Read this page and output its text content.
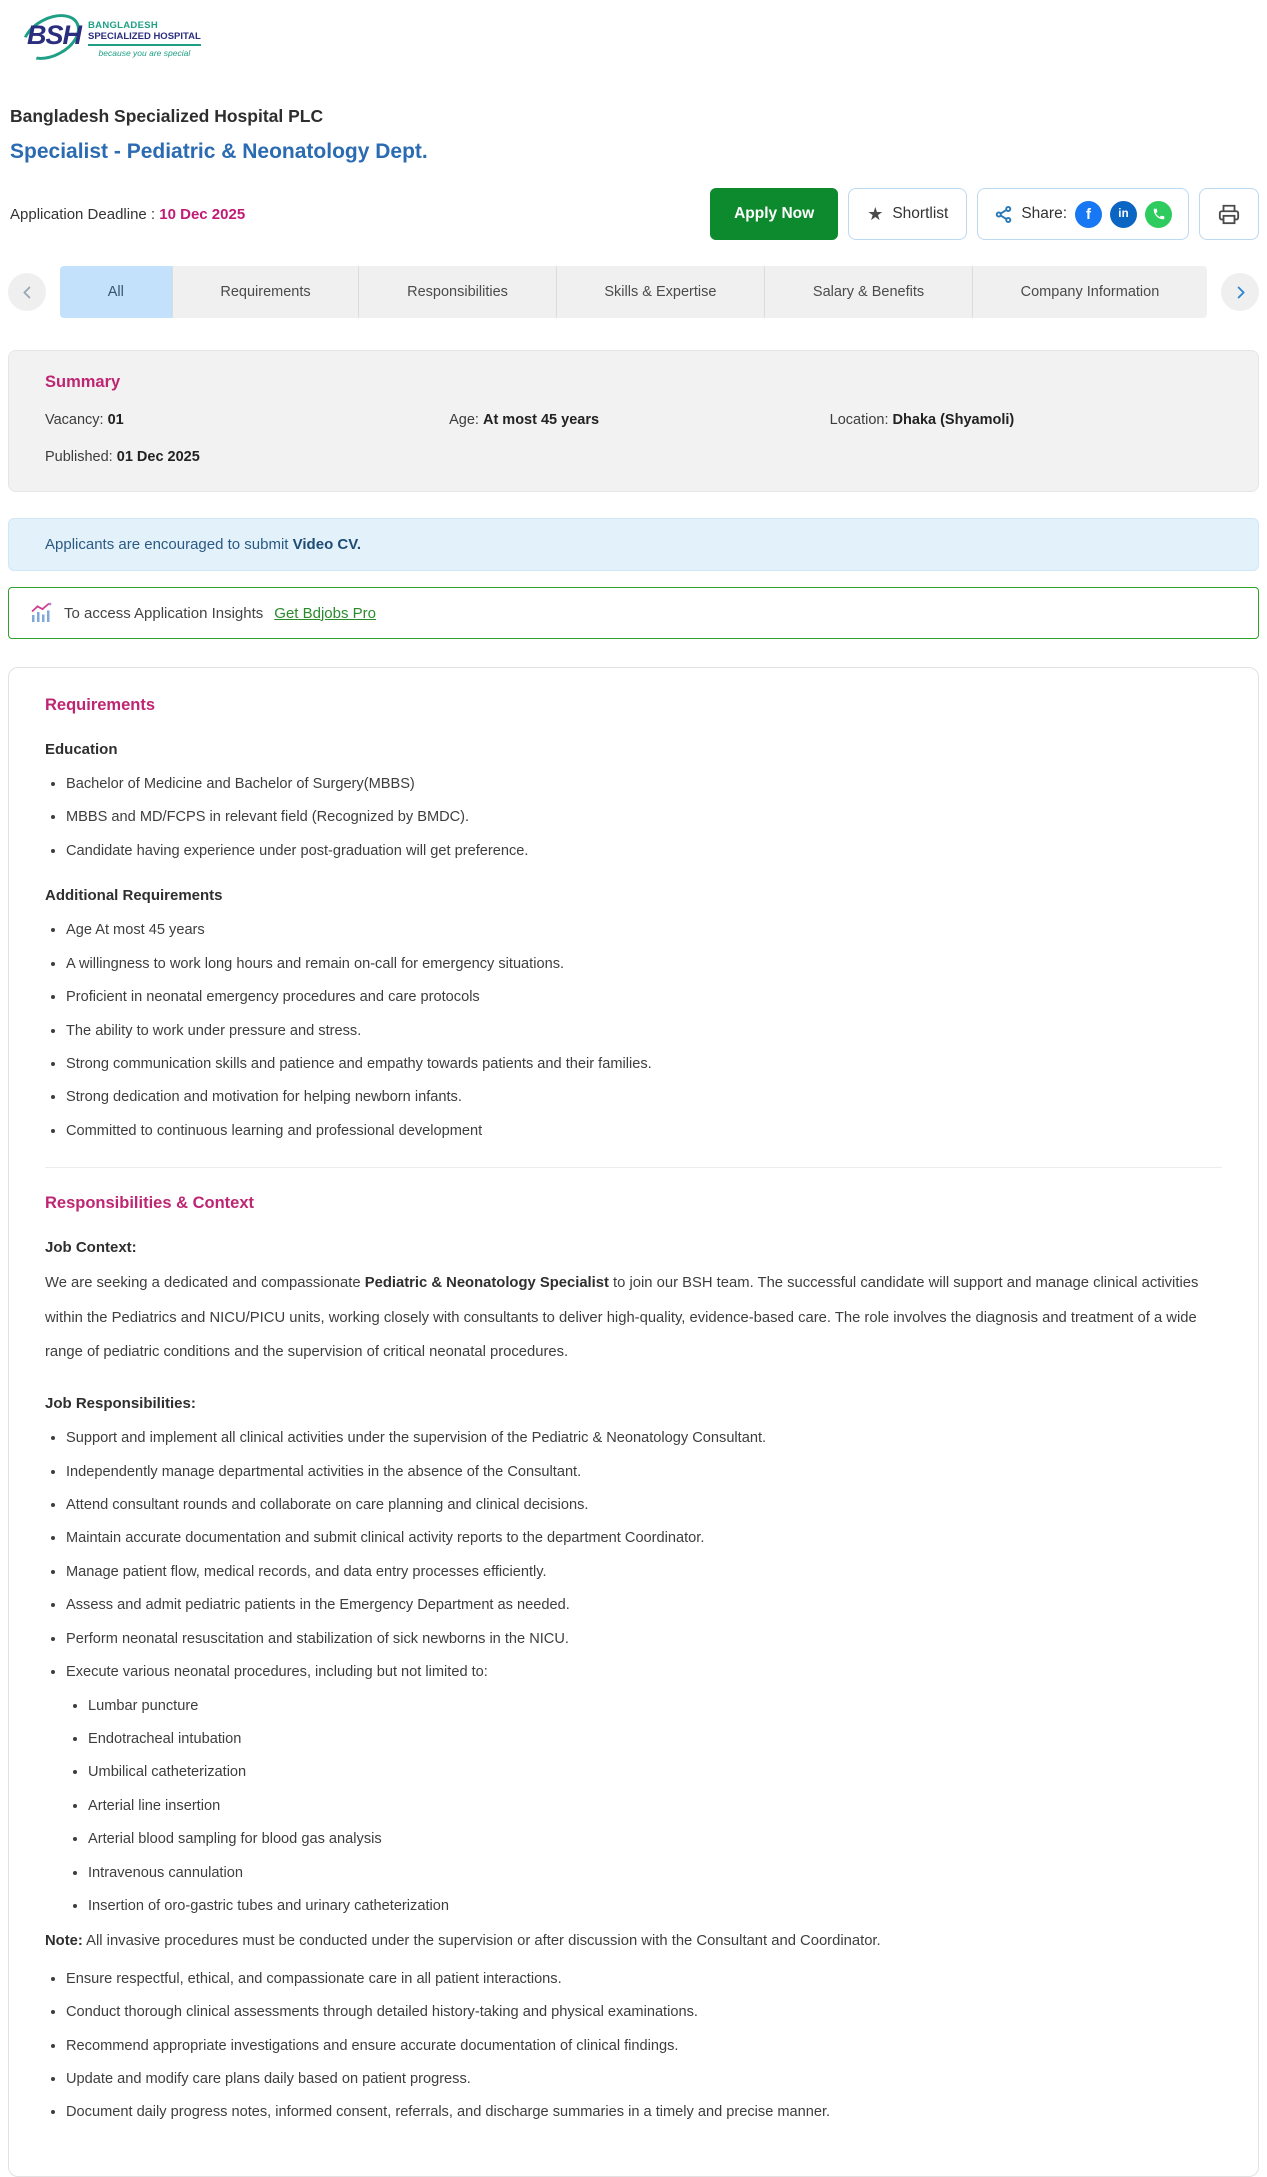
BSH BANGLADESH
SPECIALIZED HOSPITAL
because you are special
Bangladesh Specialized Hospital PLC
Specialist - Pediatric & Neonatology Dept.
Application Deadline : 10 Dec 2025	Apply Now	★ Shortlist	Share:	f	in
All	Requirements	Responsibilities	Skills & Expertise	Salary & Benefits	Company Information
Summary
Vacancy: 01	Age: At most 45 years	Location: Dhaka (Shyamoli)
Published: 01 Dec 2025
Applicants are encouraged to submit Video CV.
To access Application Insights Get Bdjobs Pro
Requirements
Education
• Bachelor of Medicine and Bachelor of Surgery(MBBS)
• MBBS and MD/FCPS in relevant field (Recognized by BMDC).
• Candidate having experience under post-graduation will get preference.
Additional Requirements
• Age At most 45 years
• A willingness to work long hours and remain on-call for emergency situations.
• Proficient in neonatal emergency procedures and care protocols
• The ability to work under pressure and stress.
• Strong communication skills and patience and empathy towards patients and their families.
• Strong dedication and motivation for helping newborn infants.
• Committed to continuous learning and professional development
Responsibilities & Context
Job Context:

We are seeking a dedicated and compassionate Pediatric & Neonatology Specialist to join our BSH team. The successful candidate will support and manage clinical activities within the Pediatrics and NICU/PICU units, working closely with consultants to deliver high-quality, evidence-based care. The role involves the diagnosis and treatment of a wide range of pediatric conditions and the supervision of critical neonatal procedures.

Job Responsibilities:
• Support and implement all clinical activities under the supervision of the Pediatric & Neonatology Consultant.
• Independently manage departmental activities in the absence of the Consultant.
• Attend consultant rounds and collaborate on care planning and clinical decisions.
• Maintain accurate documentation and submit clinical activity reports to the department Coordinator.
• Manage patient flow, medical records, and data entry processes efficiently.
• Assess and admit pediatric patients in the Emergency Department as needed.
• Perform neonatal resuscitation and stabilization of sick newborns in the NICU.
• Execute various neonatal procedures, including but not limited to:
• Lumbar puncture
• Endotracheal intubation
• Umbilical catheterization
• Arterial line insertion
• Arterial blood sampling for blood gas analysis
• Intravenous cannulation
• Insertion of oro-gastric tubes and urinary catheterization

Note: All invasive procedures must be conducted under the supervision or after discussion with the Consultant and Coordinator.

• Ensure respectful, ethical, and compassionate care in all patient interactions.
• Conduct thorough clinical assessments through detailed history-taking and physical examinations.
• Recommend appropriate investigations and ensure accurate documentation of clinical findings.
• Update and modify care plans daily based on patient progress.
• Document daily progress notes, informed consent, referrals, and discharge summaries in a timely and precise manner.
